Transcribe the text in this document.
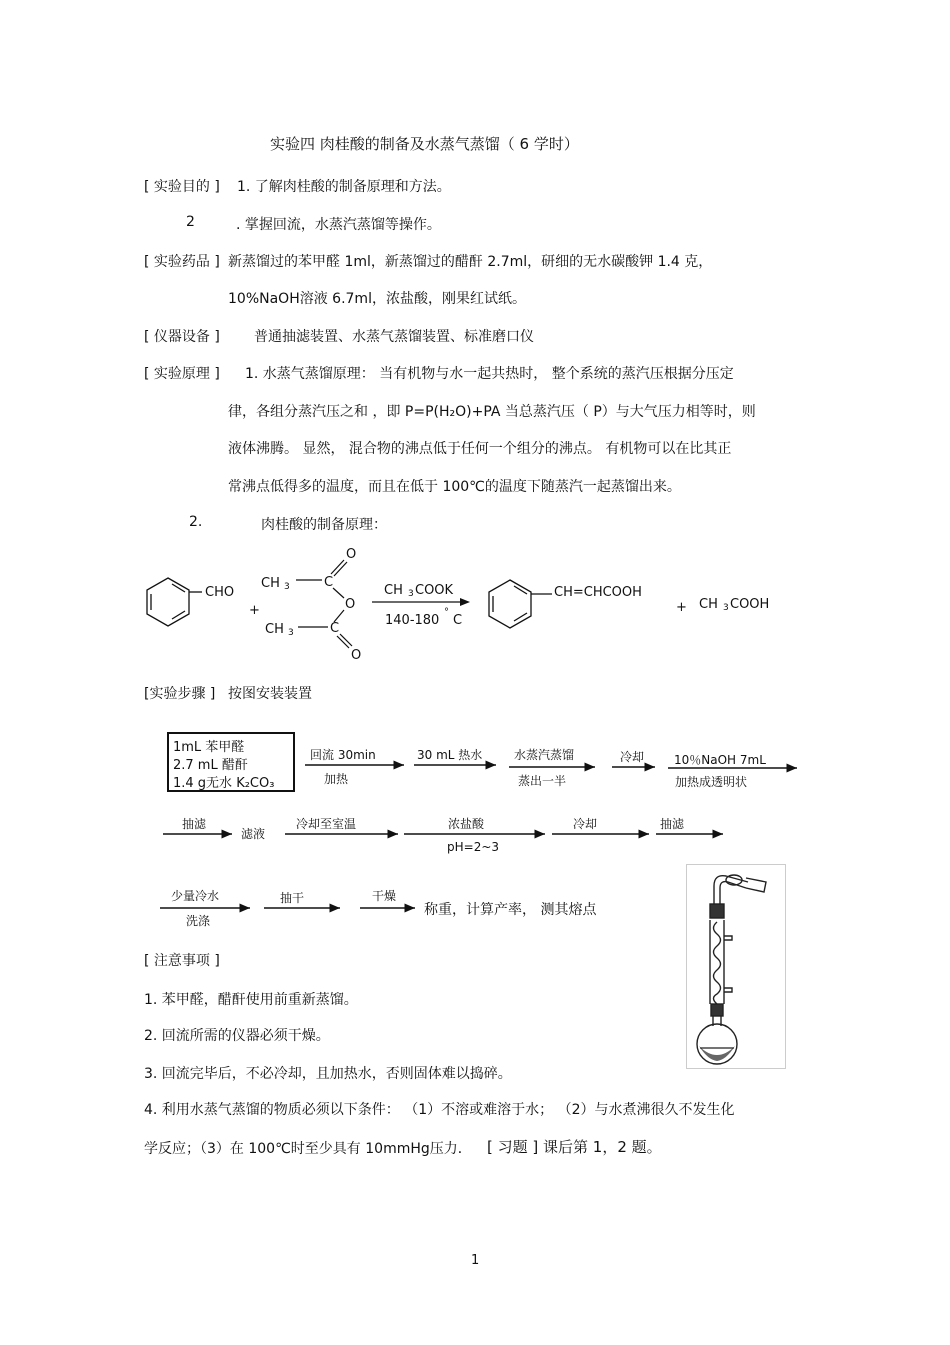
实验四 肉桂酸的制备及水蒸气蒸馏（ 6 学时）
[ 实验目的 ] 1. 了解肉桂酸的制备原理和方法。
2	. 掌握回流，水蒸汽蒸馏等操作。
[ 实验药品 ] 新蒸馏过的苯甲醛 1ml，新蒸馏过的醋酐 2.7ml，研细的无水碳酸钾 1.4 克，
10%NaOH溶液 6.7ml，浓盐酸，刚果红试纸。
[ 仪器设备 ] 普通抽滤装置、水蒸气蒸馏装置、标准磨口仪
[ 实验原理 ] 1. 水蒸气蒸馏原理： 当有机物与水一起共热时， 整个系统的蒸汽压根据分压定
律，各组分蒸汽压之和 ，即 P=P(H₂O)+PA 当总蒸汽压（ P）与大气压力相等时，则
液体沸腾。 显然， 混合物的沸点低于任何一个组分的沸点。 有机物可以在比其正
常沸点低得多的温度，而且在低于 100℃的温度下随蒸汽一起蒸馏出来。
2.	肉桂酸的制备原理：
CHO
+
CH 3	C
O
O
CH 3	C
O
CH 3 COOK
140-180
°
C
CH=CHCOOH
+ CH 3 COOH
[实验步骤 ] 按图安装装置
1mL 苯甲醛
2.7 mL 醋酐
1.4 g无水 K₂CO₃
回流 30min
加热
30 mL 热水	水蒸汽蒸馏
蒸出一半
冷却 10％NaOH 7mL
加热成透明状
抽滤
滤液
冷却至室温	浓盐酸
pH=2~3
冷却	抽滤
少量冷水
洗涤
抽干	干燥
称重，计算产率， 测其熔点
[ 注意事项 ]
1. 苯甲醛，醋酐使用前重新蒸馏。
2. 回流所需的仪器必须干燥。
3. 回流完毕后，不必冷却，且加热水，否则固体难以捣碎。
4. 利用水蒸气蒸馏的物质必须以下条件： （1）不溶或难溶于水； （2）与水煮沸很久不发生化
学反应；（3）在 100℃时至少具有 10mmHg压力． [ 习题 ] 课后第 1，2 题。
1
